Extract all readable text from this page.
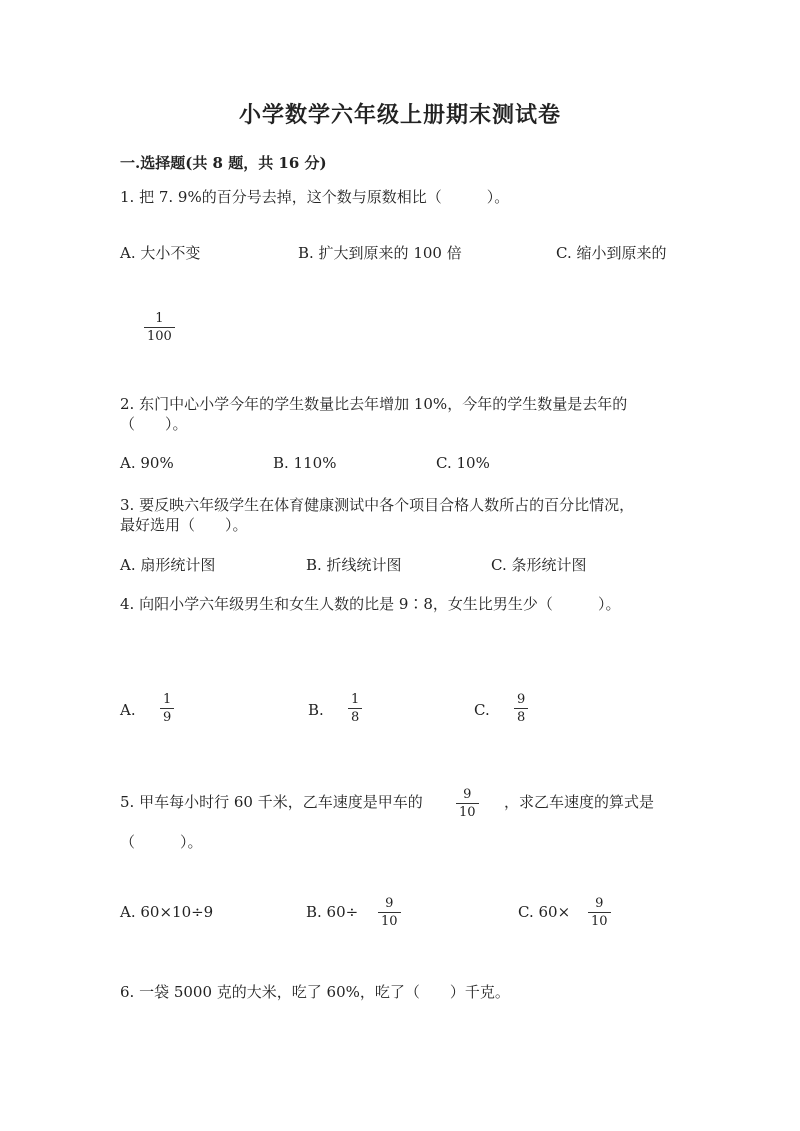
小学数学六年级上册期末测试卷
一.选择题(共 8 题，共 16 分)
1. 把 7. 9%的百分号去掉，这个数与原数相比（　　　）。
A. 大小不变	B. 扩大到原来的 100 倍	C. 缩小到原来的
1
100
2. 东门中心小学今年的学生数量比去年增加 10%，今年的学生数量是去年的
（　　）。
A. 90%	B. 110%	C. 10%
3. 要反映六年级学生在体育健康测试中各个项目合格人数所占的百分比情况，
最好选用（　　）。
A. 扇形统计图	B. 折线统计图	C. 条形统计图
4. 向阳小学六年级男生和女生人数的比是 9∶8，女生比男生少（　　　）。
A.
1
9	B.
1
8	C.
9
8
5. 甲车每小时行 60 千米，乙车速度是甲车的	9
10
，求乙车速度的算式是
（　　　）。
A. 60×10÷9	B. 60÷ 9
10
C. 60× 9
10
6. 一袋 5000 克的大米，吃了 60%，吃了（　　）千克。
